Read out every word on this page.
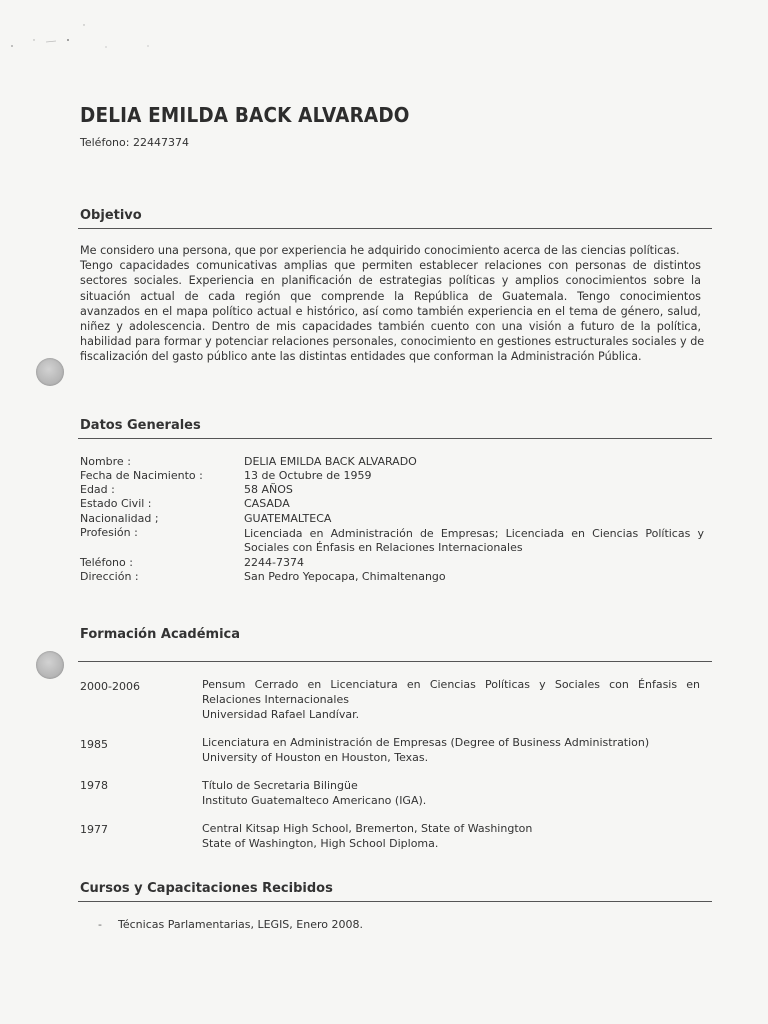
DELIA EMILDA BACK ALVARADO
Teléfono: 22447374
Objetivo

Me considero una persona, que por experiencia he adquirido conocimiento acerca de las ciencias políticas.
Tengo capacidades comunicativas amplias que permiten establecer relaciones con personas de distintos
sectores sociales. Experiencia en planificación de estrategias políticas y amplios conocimientos sobre la
situación actual de cada región que comprende la República de Guatemala. Tengo conocimientos
avanzados en el mapa político actual e histórico, así como también experiencia en el tema de género, salud,
niñez y adolescencia. Dentro de mis capacidades también cuento con una visión a futuro de la política,
habilidad para formar y potenciar relaciones personales, conocimiento en gestiones estructurales sociales y de
fiscalización del gasto público ante las distintas entidades que conforman la Administración Pública.

Datos Generales
Nombre :	DELIA EMILDA BACK ALVARADO
Fecha de Nacimiento :	13 de Octubre de 1959
Edad :	58 AÑOS
Estado Civil :	CASADA
Nacionalidad ;	GUATEMALTECA
Profesión :	Licenciada en Administración de Empresas; Licenciada en Ciencias Políticas y
Sociales con Énfasis en Relaciones Internacionales
Teléfono :	2244-7374
Dirección :	San Pedro Yepocapa, Chimaltenango
Formación Académica
2000-2006	Pensum Cerrado en Licenciatura en Ciencias Políticas y Sociales con Énfasis en
Relaciones Internacionales
Universidad Rafael Landívar.
1985	Licenciatura en Administración de Empresas (Degree of Business Administration)
University of Houston en Houston, Texas.
1978	Título de Secretaria Bilingüe
Instituto Guatemalteco Americano (IGA).
1977	Central Kitsap High School, Bremerton, State of Washington
State of Washington, High School Diploma.
Cursos y Capacitaciones Recibidos
- Técnicas Parlamentarias, LEGIS, Enero 2008.
